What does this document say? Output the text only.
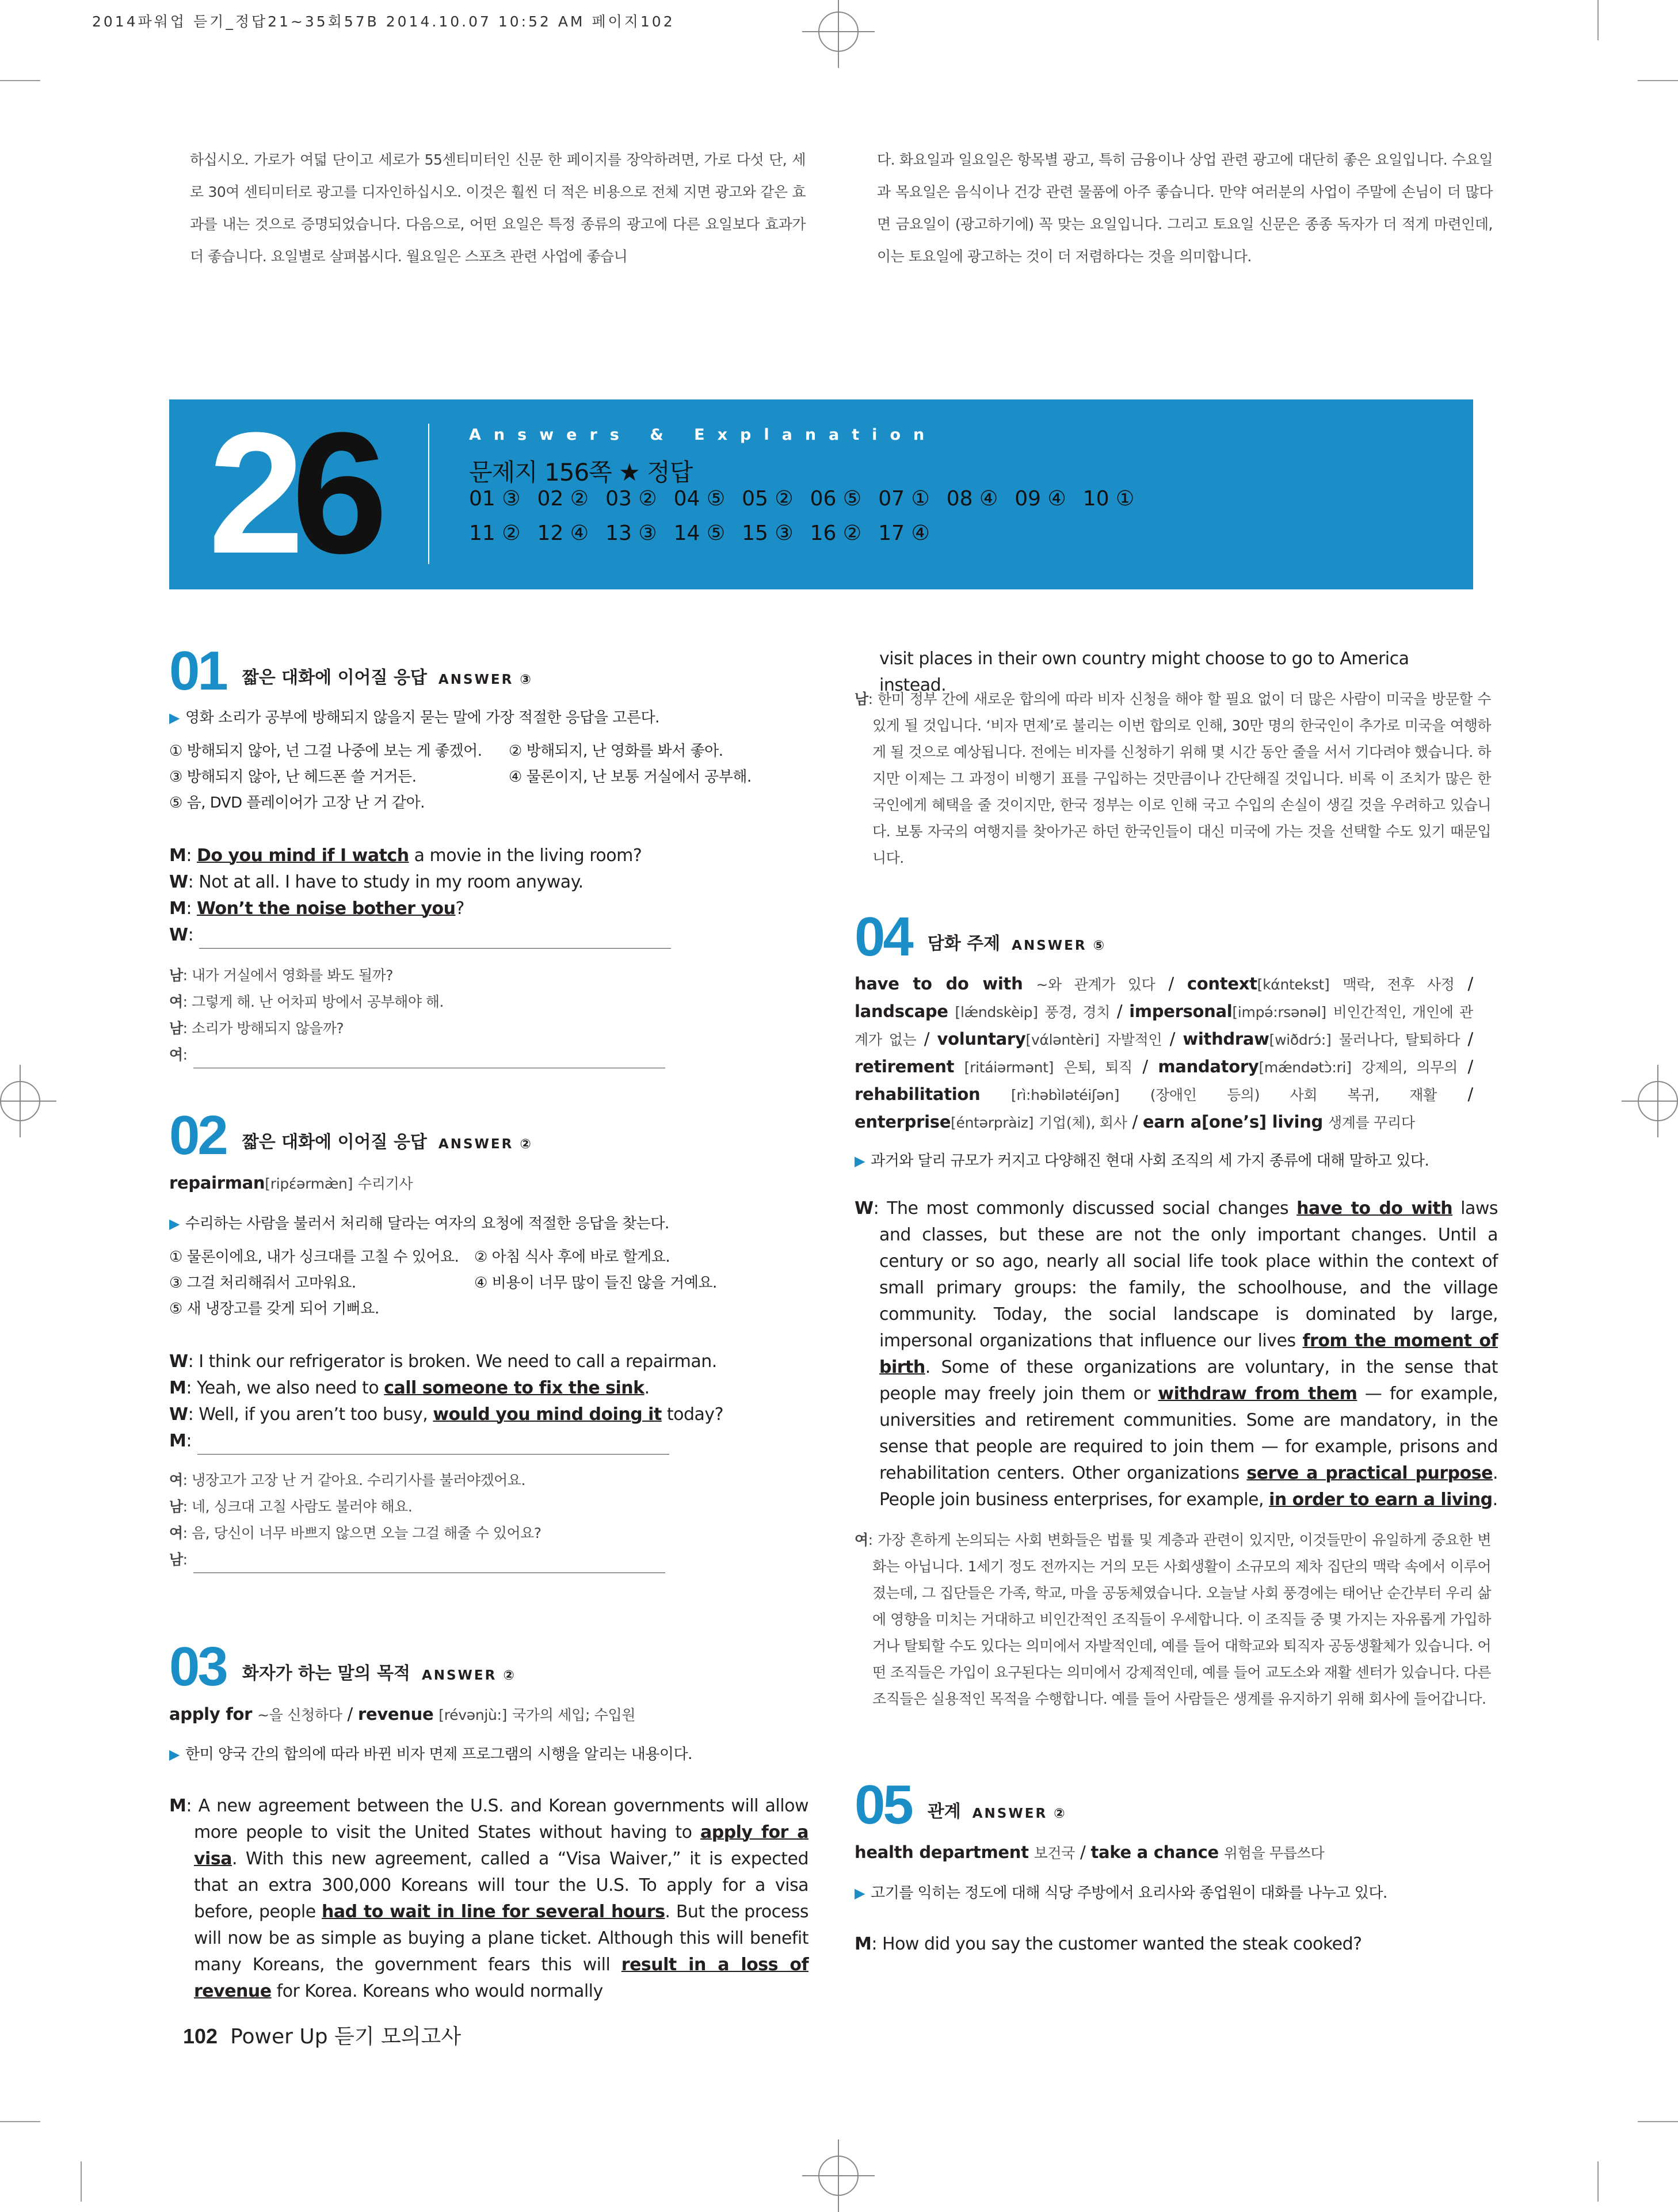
2014파워업 듣기_정답21~35회57B 2014.10.07 10:52 AM 페이지102
하십시오. 가로가 여덟 단이고 세로가 55센티미터인 신문 한 페이지를 장악하려면, 가로 다섯 단, 세로 30여 센티미터로 광고를 디자인하십시오. 이것은 훨씬 더 적은 비용으로 전체 지면 광고와 같은 효과를 내는 것으로 증명되었습니다. 다음으로, 어떤 요일은 특정 종류의 광고에 다른 요일보다 효과가 더 좋습니다. 요일별로 살펴봅시다. 월요일은 스포츠 관련 사업에 좋습니
다. 화요일과 일요일은 항목별 광고, 특히 금융이나 상업 관련 광고에 대단히 좋은 요일입니다. 수요일과 목요일은 음식이나 건강 관련 물품에 아주 좋습니다. 만약 여러분의 사업이 주말에 손님이 더 많다면 금요일이 (광고하기에) 꼭 맞는 요일입니다. 그리고 토요일 신문은 종종 독자가 더 적게 마련인데, 이는 토요일에 광고하는 것이 더 저렴하다는 것을 의미합니다.
26	Answers & Explanation
문제지 156쪽 ★ 정답
01 ③ 02 ② 03 ② 04 ⑤ 05 ② 06 ⑤ 07 ① 08 ④ 09 ④ 10 ①
11 ② 12 ④ 13 ③ 14 ⑤ 15 ③ 16 ② 17 ④
01 짧은 대화에 이어질 응답 ANSWER ③
▶ 영화 소리가 공부에 방해되지 않을지 묻는 말에 가장 적절한 응답을 고른다.
① 방해되지 않아, 넌 그걸 나중에 보는 게 좋겠어.	② 방해되지, 난 영화를 봐서 좋아.
③ 방해되지 않아, 난 헤드폰 쓸 거거든.	④ 물론이지, 난 보통 거실에서 공부해.
⑤ 음, DVD 플레이어가 고장 난 거 같아.
M: Do you mind if I watch a movie in the living room?
W: Not at all. I have to study in my room anyway.
M: Won’t the noise bother you?
W:
남: 내가 거실에서 영화를 봐도 될까?
여: 그렇게 해. 난 어차피 방에서 공부해야 해.
남: 소리가 방해되지 않을까?
여:
02 짧은 대화에 이어질 응답 ANSWER ②
repairman[ripέərmæ̀n] 수리기사
▶ 수리하는 사람을 불러서 처리해 달라는 여자의 요청에 적절한 응답을 찾는다.
① 물론이에요, 내가 싱크대를 고칠 수 있어요.	② 아침 식사 후에 바로 할게요.
③ 그걸 처리해줘서 고마워요.	④ 비용이 너무 많이 들진 않을 거예요.
⑤ 새 냉장고를 갖게 되어 기뻐요.
W: I think our refrigerator is broken. We need to call a repairman.
M: Yeah, we also need to call someone to fix the sink.
W: Well, if you aren’t too busy, would you mind doing it today?
M:
여: 냉장고가 고장 난 거 같아요. 수리기사를 불러야겠어요.
남: 네, 싱크대 고칠 사람도 불러야 해요.
여: 음, 당신이 너무 바쁘지 않으면 오늘 그걸 해줄 수 있어요?
남:
03 화자가 하는 말의 목적 ANSWER ②
apply for ~을 신청하다 / revenue [révənjù:] 국가의 세입; 수입원
▶ 한미 양국 간의 합의에 따라 바뀐 비자 면제 프로그램의 시행을 알리는 내용이다.
M: A new agreement between the U.S. and Korean governments will allow more people to visit the United States without having to apply for a visa. With this new agreement, called a “Visa Waiver,” it is expected that an extra 300,000 Koreans will tour the U.S. To apply for a visa before, people had to wait in line for several hours. But the process will now be as simple as buying a plane ticket. Although this will benefit many Koreans, the government fears this will result in a loss of revenue for Korea. Koreans who would normally
102 Power Up 듣기 모의고사
visit places in their own country might choose to go to America instead.
남: 한미 정부 간에 새로운 합의에 따라 비자 신청을 해야 할 필요 없이 더 많은 사람이 미국을 방문할 수 있게 될 것입니다. ‘비자 면제’로 불리는 이번 합의로 인해, 30만 명의 한국인이 추가로 미국을 여행하게 될 것으로 예상됩니다. 전에는 비자를 신청하기 위해 몇 시간 동안 줄을 서서 기다려야 했습니다. 하지만 이제는 그 과정이 비행기 표를 구입하는 것만큼이나 간단해질 것입니다. 비록 이 조치가 많은 한국인에게 혜택을 줄 것이지만, 한국 정부는 이로 인해 국고 수입의 손실이 생길 것을 우려하고 있습니다. 보통 자국의 여행지를 찾아가곤 하던 한국인들이 대신 미국에 가는 것을 선택할 수도 있기 때문입니다.
04 담화 주제 ANSWER ⑤
have to do with ~와 관계가 있다 / context[kάntekst] 맥락, 전후 사정 / landscape [lǽndskèip] 풍경, 경치 / impersonal[impə́:rsənəl] 비인간적인, 개인에 관계가 없는 / voluntary[vάləntèri] 자발적인 / withdraw[wiðdrɔ́:] 물러나다, 탈퇴하다 / retirement [ritáiərmənt] 은퇴, 퇴직 / mandatory[mǽndətɔ̀:ri] 강제의, 의무의 / rehabilitation [rì:həbìlətéiʃən] (장애인 등의) 사회 복귀, 재활 / enterprise[éntərpràiz] 기업(체), 회사 / earn a[one’s] living 생계를 꾸리다
▶ 과거와 달리 규모가 커지고 다양해진 현대 사회 조직의 세 가지 종류에 대해 말하고 있다.
W: The most commonly discussed social changes have to do with laws and classes, but these are not the only important changes. Until a century or so ago, nearly all social life took place within the context of small primary groups: the family, the schoolhouse, and the village community. Today, the social landscape is dominated by large, impersonal organizations that influence our lives from the moment of birth. Some of these organizations are voluntary, in the sense that people may freely join them or withdraw from them — for example, universities and retirement communities. Some are mandatory, in the sense that people are required to join them — for example, prisons and rehabilitation centers. Other organizations serve a practical purpose. People join business enterprises, for example, in order to earn a living.
여: 가장 흔하게 논의되는 사회 변화들은 법률 및 계층과 관련이 있지만, 이것들만이 유일하게 중요한 변화는 아닙니다. 1세기 정도 전까지는 거의 모든 사회생활이 소규모의 제차 집단의 맥락 속에서 이루어졌는데, 그 집단들은 가족, 학교, 마을 공동체였습니다. 오늘날 사회 풍경에는 태어난 순간부터 우리 삶에 영향을 미치는 거대하고 비인간적인 조직들이 우세합니다. 이 조직들 중 몇 가지는 자유롭게 가입하거나 탈퇴할 수도 있다는 의미에서 자발적인데, 예를 들어 대학교와 퇴직자 공동생활체가 있습니다. 어떤 조직들은 가입이 요구된다는 의미에서 강제적인데, 예를 들어 교도소와 재활 센터가 있습니다. 다른 조직들은 실용적인 목적을 수행합니다. 예를 들어 사람들은 생계를 유지하기 위해 회사에 들어갑니다.
05 관계 ANSWER ②
health department 보건국 / take a chance 위험을 무릅쓰다
▶ 고기를 익히는 정도에 대해 식당 주방에서 요리사와 종업원이 대화를 나누고 있다.
M: How did you say the customer wanted the steak cooked?
